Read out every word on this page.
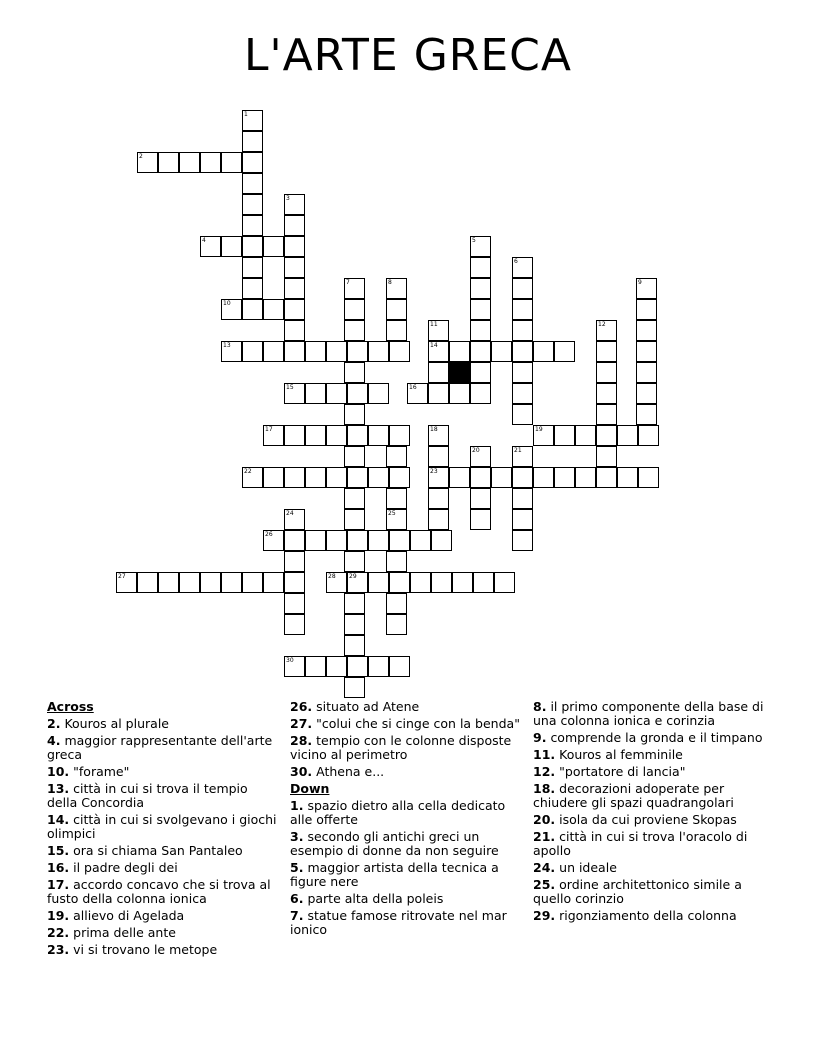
L'ARTE GRECA
1
2
3
4	5
6
7	8	9
10
11	12
13	14
15	16
17	18	19
20	21
22	23
24	25
26
27	28 29
30
Across
2. Kouros al plurale
4. maggior rappresentante dell'arte greca
10. "forame"
13. città in cui si trova il tempio della Concordia
14. città in cui si svolgevano i giochi olimpici
15. ora si chiama San Pantaleo
16. il padre degli dei
17. accordo concavo che si trova al fusto della colonna ionica
19. allievo di Agelada
22. prima delle ante
23. vi si trovano le metope
26. situato ad Atene
27. "colui che si cinge con la benda"
28. tempio con le colonne disposte vicino al perimetro
30. Athena e...
Down
1. spazio dietro alla cella dedicato alle offerte
3. secondo gli antichi greci un esempio di donne da non seguire
5. maggior artista della tecnica a figure nere
6. parte alta della poleis
7. statue famose ritrovate nel mar ionico
8. il primo componente della base di una colonna ionica e corinzia
9. comprende la gronda e il timpano
11. Kouros al femminile
12. "portatore di lancia"
18. decorazioni adoperate per chiudere gli spazi quadrangolari
20. isola da cui proviene Skopas
21. città in cui si trova l'oracolo di apollo
24. un ideale
25. ordine architettonico simile a quello corinzio
29. rigonziamento della colonna
